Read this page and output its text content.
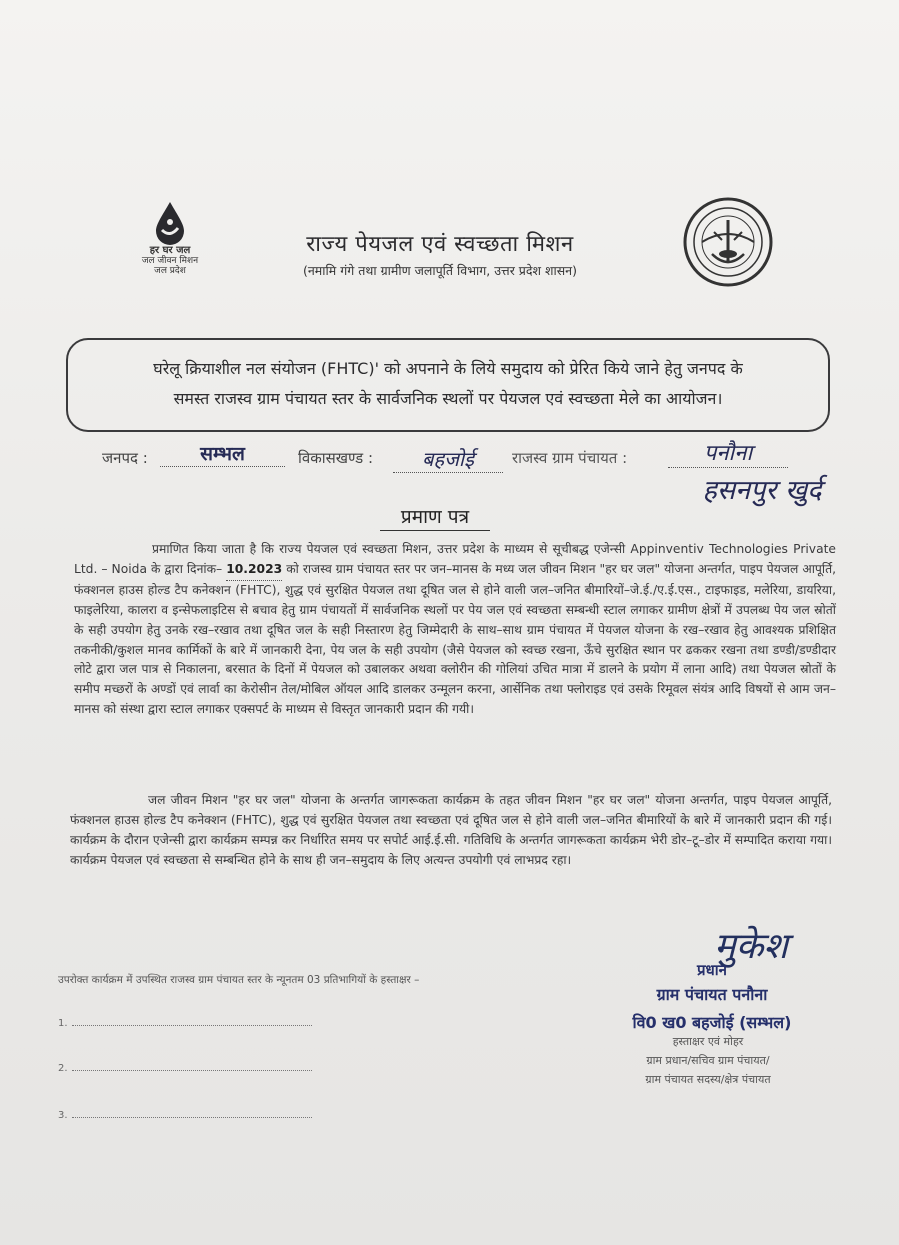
हर घर जल
जल जीवन मिशन
जल प्रदेश
राज्य पेयजल एवं स्वच्छता मिशन
(नमामि गंगे तथा ग्रामीण जलापूर्ति विभाग, उत्तर प्रदेश शासन)
घरेलू क्रियाशील नल संयोजन (FHTC)' को अपनाने के लिये समुदाय को प्रेरित किये जाने हेतु जनपद के
समस्त राजस्व ग्राम पंचायत स्तर के सार्वजनिक स्थलों पर पेयजल एवं स्वच्छता मेले का आयोजन।
जनपद :	सम्भल	विकासखण्ड :	बहजोई	राजस्व ग्राम पंचायत :	पनौना
हसनपुर खुर्द
प्रमाण पत्र
प्रमाणित किया जाता है कि राज्य पेयजल एवं स्वच्छता मिशन, उत्तर प्रदेश के माध्यम से सूचीबद्ध एजेन्सी Appinventiv Technologies Private Ltd. – Noida के द्वारा दिनांक– 10.2023 को राजस्व ग्राम पंचायत स्तर पर जन–मानस के मध्य जल जीवन मिशन "हर घर जल" योजना अन्तर्गत, पाइप पेयजल आपूर्ति, फंक्शनल हाउस होल्ड टैप कनेक्शन (FHTC), शुद्ध एवं सुरक्षित पेयजल तथा दूषित जल से होने वाली जल–जनित बीमारियों–जे.ई./ए.ई.एस., टाइफाइड, मलेरिया, डायरिया, फाइलेरिया, कालरा व इन्सेफलाइटिस से बचाव हेतु ग्राम पंचायतों में सार्वजनिक स्थलों पर पेय जल एवं स्वच्छता सम्बन्धी स्टाल लगाकर ग्रामीण क्षेत्रों में उपलब्ध पेय जल स्रोतों के सही उपयोग हेतु उनके रख–रखाव तथा दूषित जल के सही निस्तारण हेतु जिम्मेदारी के साथ–साथ ग्राम पंचायत में पेयजल योजना के रख–रखाव हेतु आवश्यक प्रशिक्षित तकनीकी/कुशल मानव कार्मिकों के बारे में जानकारी देना, पेय जल के सही उपयोग (जैसे पेयजल को स्वच्छ रखना, ऊँचे सुरक्षित स्थान पर ढककर रखना तथा डण्डी/डण्डीदार लोटे द्वारा जल पात्र से निकालना, बरसात के दिनों में पेयजल को उबालकर अथवा क्लोरीन की गोलियां उचित मात्रा में डालने के प्रयोग में लाना आदि) तथा पेयजल स्रोतों के समीप मच्छरों के अण्डों एवं लार्वा का केरोसीन तेल/मोबिल ऑयल आदि डालकर उन्मूलन करना, आर्सेनिक तथा फ्लोराइड एवं उसके रिमूवल संयंत्र आदि विषयों से आम जन–मानस को संस्था द्वारा स्टाल लगाकर एक्सपर्ट के माध्यम से विस्तृत जानकारी प्रदान की गयी।
जल जीवन मिशन "हर घर जल" योजना के अन्तर्गत जागरूकता कार्यक्रम के तहत जीवन मिशन "हर घर जल" योजना अन्तर्गत, पाइप पेयजल आपूर्ति, फंक्शनल हाउस होल्ड टैप कनेक्शन (FHTC), शुद्ध एवं सुरक्षित पेयजल तथा स्वच्छता एवं दूषित जल से होने वाली जल–जनित बीमारियों के बारे में जानकारी प्रदान की गई। कार्यक्रम के दौरान एजेन्सी द्वारा कार्यक्रम सम्पन्न कर निर्धारित समय पर सपोर्ट आई.ई.सी. गतिविधि के अन्तर्गत जागरूकता कार्यक्रम भेरी डोर–टू–डोर में सम्पादित कराया गया। कार्यक्रम पेयजल एवं स्वच्छता से सम्बन्धित होने के साथ ही जन–समुदाय के लिए अत्यन्त उपयोगी एवं लाभप्रद रहा।
उपरोक्त कार्यक्रम में उपस्थित राजस्व ग्राम पंचायत स्तर के न्यूनतम 03 प्रतिभागियों के हस्ताक्षर –
1.
2.
3.
मुकेश
प्रधान
ग्राम पंचायत पनौना
वि0 ख0 बहजोई (सम्भल)
हस्ताक्षर एवं मोहर
ग्राम प्रधान/सचिव ग्राम पंचायत/
ग्राम पंचायत सदस्य/क्षेत्र पंचायत
